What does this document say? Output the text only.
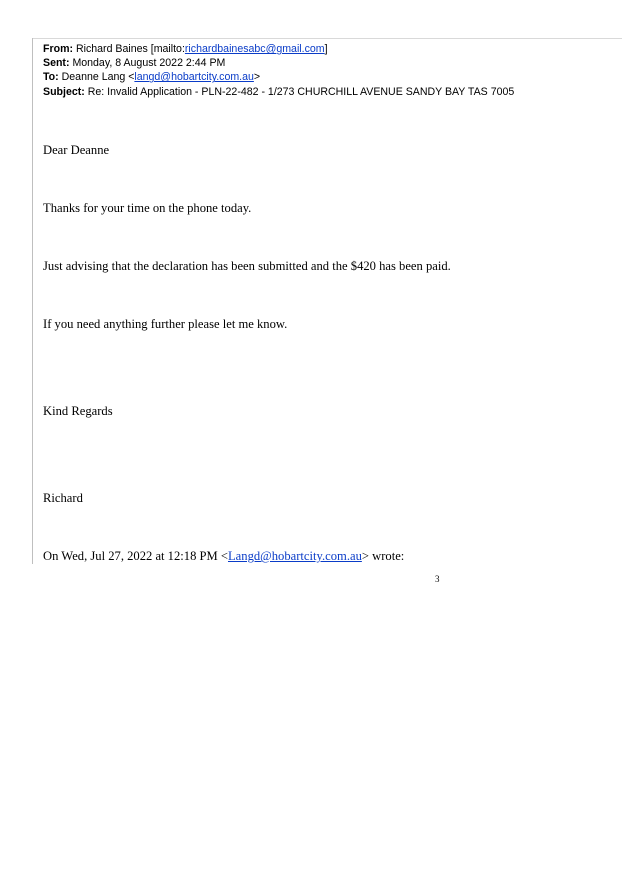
From: Richard Baines [mailto:richardbainesabc@gmail.com]
Sent: Monday, 8 August 2022 2:44 PM
To: Deanne Lang <langd@hobartcity.com.au>
Subject: Re: Invalid Application - PLN-22-482 - 1/273 CHURCHILL AVENUE SANDY BAY TAS 7005
Dear Deanne
Thanks for your time on the phone today.
Just advising that the declaration has been submitted and the $420 has been paid.
If you need anything further please let me know.
Kind Regards
Richard
On Wed, Jul 27, 2022 at 12:18 PM <Langd@hobartcity.com.au> wrote:
3
